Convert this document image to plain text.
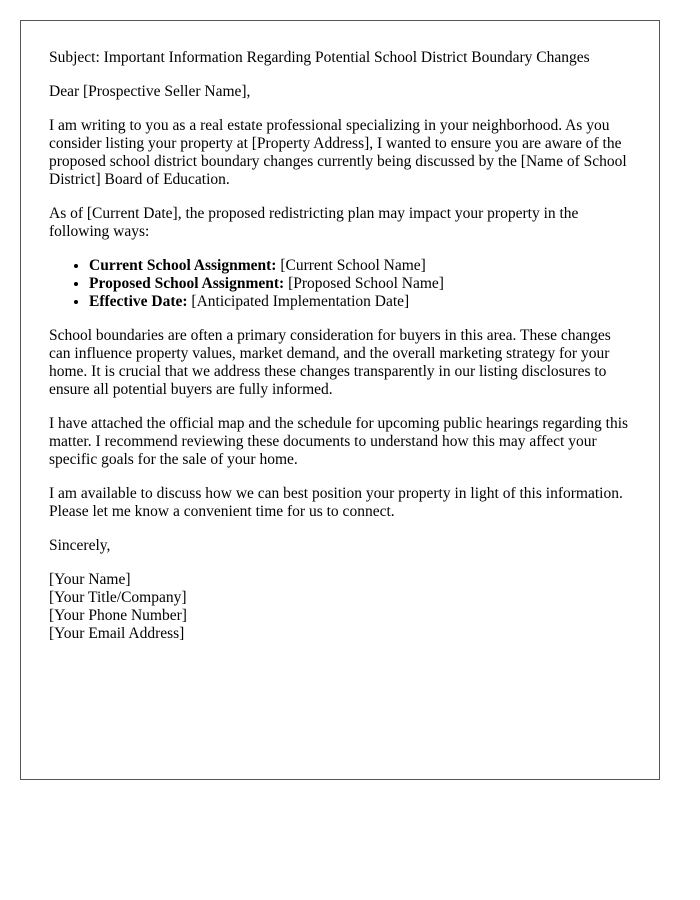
Subject: Important Information Regarding Potential School District Boundary Changes

Dear [Prospective Seller Name],

I am writing to you as a real estate professional specializing in your neighborhood. As you consider listing your property at [Property Address], I wanted to ensure you are aware of the proposed school district boundary changes currently being discussed by the [Name of School District] Board of Education.

As of [Current Date], the proposed redistricting plan may impact your property in the following ways:

• Current School Assignment: [Current School Name]
• Proposed School Assignment: [Proposed School Name]
• Effective Date: [Anticipated Implementation Date]

School boundaries are often a primary consideration for buyers in this area. These changes can influence property values, market demand, and the overall marketing strategy for your home. It is crucial that we address these changes transparently in our listing disclosures to ensure all potential buyers are fully informed.

I have attached the official map and the schedule for upcoming public hearings regarding this matter. I recommend reviewing these documents to understand how this may affect your specific goals for the sale of your home.

I am available to discuss how we can best position your property in light of this information. Please let me know a convenient time for us to connect.

Sincerely,

[Your Name]
[Your Title/Company]
[Your Phone Number]
[Your Email Address]
